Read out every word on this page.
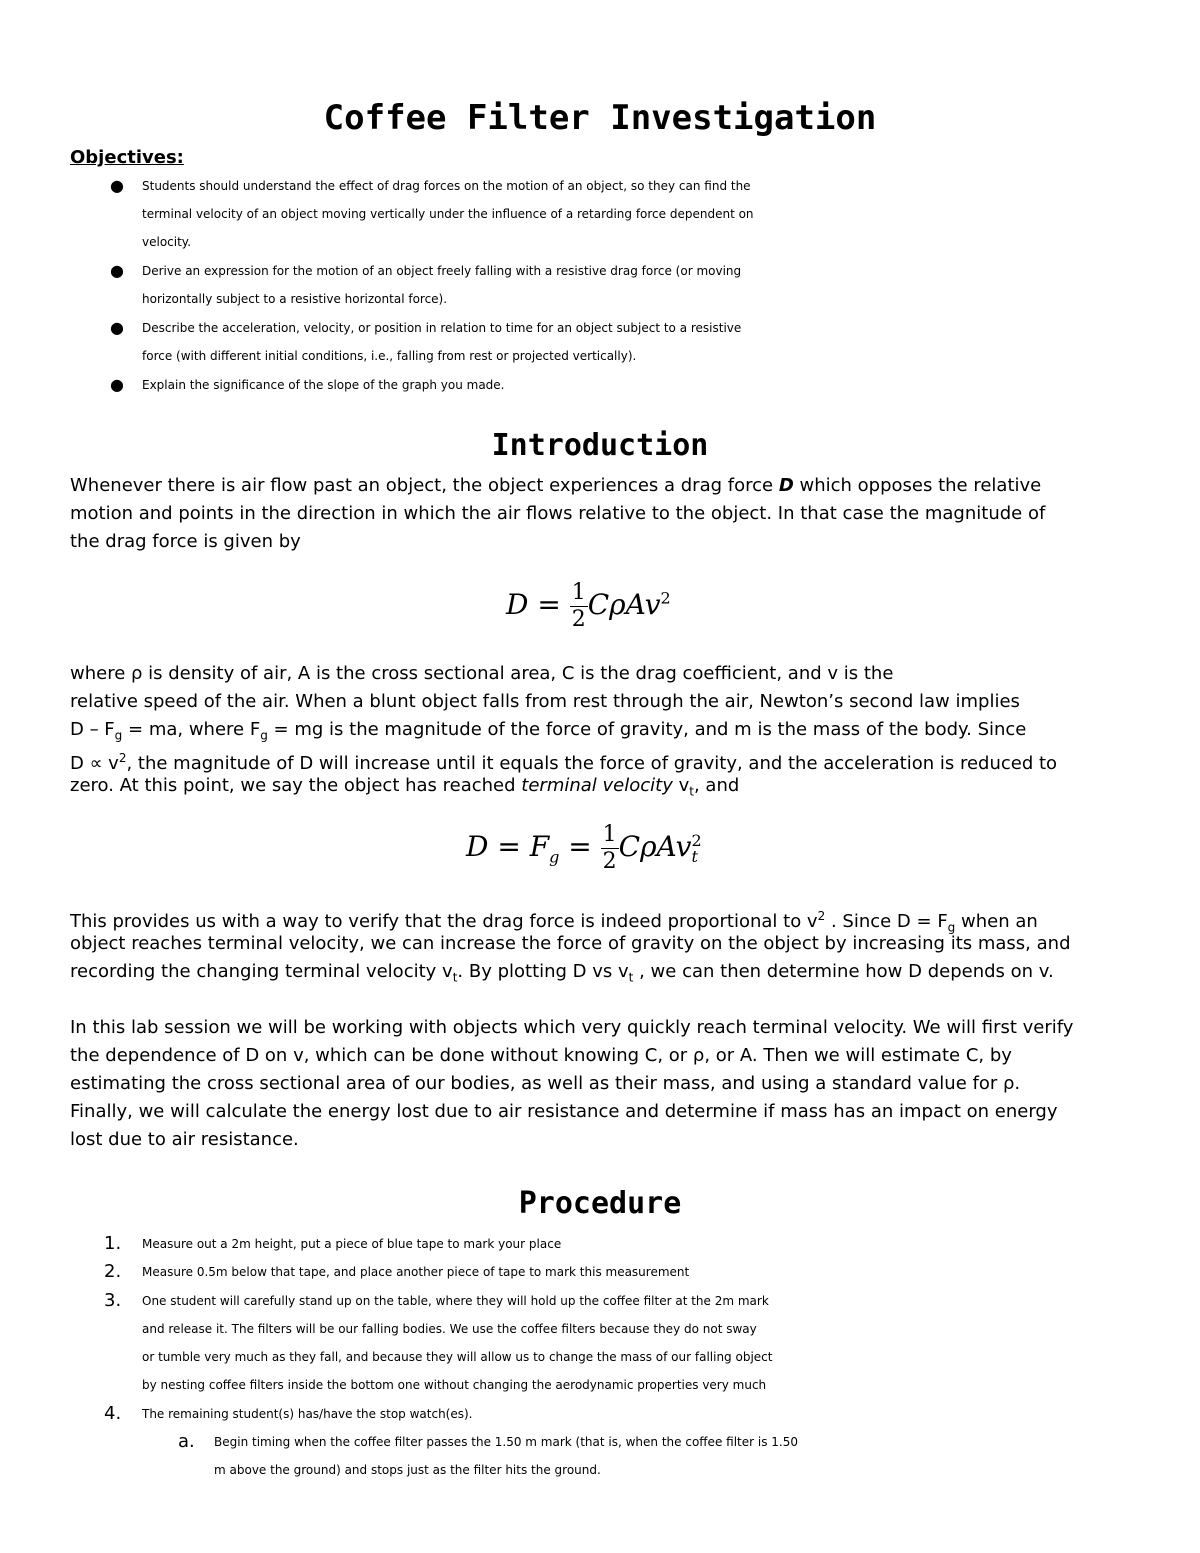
Coffee Filter Investigation
Objectives:
● Students should understand the effect of drag forces on the motion of an object, so they can find the
terminal velocity of an object moving vertically under the influence of a retarding force dependent on
velocity.
● Derive an expression for the motion of an object freely falling with a resistive drag force (or moving
horizontally subject to a resistive horizontal force).
● Describe the acceleration, velocity, or position in relation to time for an object subject to a resistive
force (with different initial conditions, i.e., falling from rest or projected vertically).
● Explain the significance of the slope of the graph you made.
Introduction
Whenever there is air flow past an object, the object experiences a drag force D which opposes the relative
motion and points in the direction in which the air flows relative to the object. In that case the magnitude of
the drag force is given by
$D = \frac{1}{2} C\rho Av^2$
where ρ is density of air, A is the cross sectional area, C is the drag coefficient, and v is the
relative speed of the air. When a blunt object falls from rest through the air, Newton’s second law implies
D – $F_g$ = ma, where $F_g$ = mg is the magnitude of the force of gravity, and m is the mass of the body. Since
$D \propto v^2$, the magnitude of D will increase until it equals the force of gravity, and the acceleration is reduced to
zero. At this point, we say the object has reached terminal velocity $v_t$, and
$D = F_g = \frac{1}{2}$ CρAv 2
t
This provides us with a way to verify that the drag force is indeed proportional to $v^2$ . Since $D = F_g$ when an
object reaches terminal velocity, we can increase the force of gravity on the object by increasing its mass, and
recording the changing terminal velocity $v_t$. By plotting D vs $v_t$ , we can then determine how D depends on v.
In this lab session we will be working with objects which very quickly reach terminal velocity. We will first verify
the dependence of D on v, which can be done without knowing C, or ρ, or A. Then we will estimate C, by
estimating the cross sectional area of our bodies, as well as their mass, and using a standard value for ρ.
Finally, we will calculate the energy lost due to air resistance and determine if mass has an impact on energy
lost due to air resistance.
Procedure
1. Measure out a 2m height, put a piece of blue tape to mark your place
2. Measure 0.5m below that tape, and place another piece of tape to mark this measurement
3. One student will carefully stand up on the table, where they will hold up the coffee filter at the 2m mark
and release it. The filters will be our falling bodies. We use the coffee filters because they do not sway
or tumble very much as they fall, and because they will allow us to change the mass of our falling object
by nesting coffee filters inside the bottom one without changing the aerodynamic properties very much
4. The remaining student(s) has/have the stop watch(es).
a. Begin timing when the coffee filter passes the 1.50 m mark (that is, when the coffee filter is 1.50
m above the ground) and stops just as the filter hits the ground.
